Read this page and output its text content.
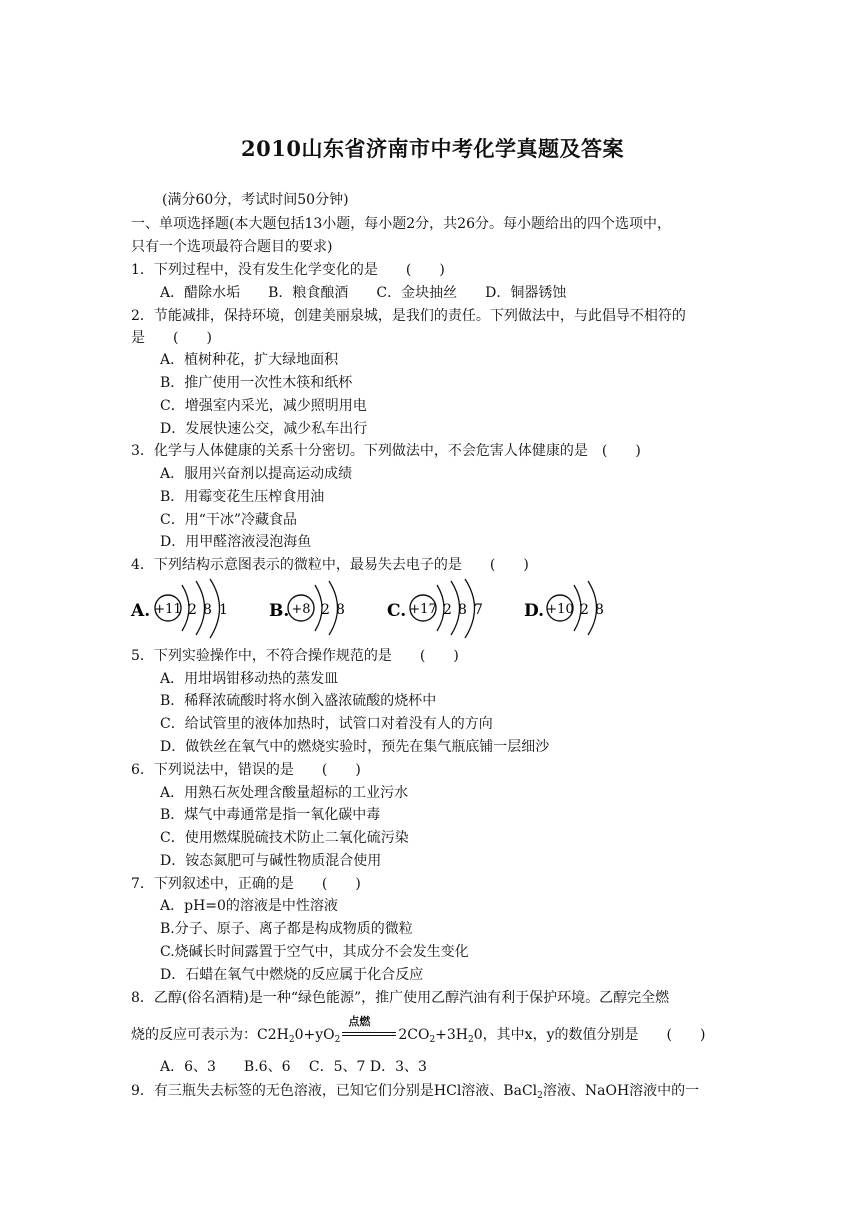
2010山东省济南市中考化学真题及答案
(满分60分，考试时间50分钟)
一、单项选择题(本大题包括13小题，每小题2分，共26分。每小题给出的四个选项中，
只有一个选项最符合题目的要求)
1．下列过程中，没有发生化学变化的是　　(　　)
A．醋除水垢　　B．粮食酿酒　　C．金块抽丝　　D．铜器锈蚀
2．节能减排，保持环境，创建美丽泉城，是我们的责任。下列做法中，与此倡导不相符的
是　　(　　)
A．植树种花，扩大绿地面积
B．推广使用一次性木筷和纸杯
C．增强室内采光，减少照明用电
D．发展快速公交，减少私车出行
3．化学与人体健康的关系十分密切。下列做法中，不会危害人体健康的是　(　　)
A．服用兴奋剂以提高运动成绩
B．用霉变花生压榨食用油
C．用“干冰”冷藏食品
D．用甲醛溶液浸泡海鱼
4．下列结构示意图表示的微粒中，最易失去电子的是　　(　　)
A. +11 2 8 1 B. +8 2 8 C. +17 2 8 7 D. +10 2 8
5．下列实验操作中，不符合操作规范的是　　(　　)
A．用坩埚钳移动热的蒸发皿
B．稀释浓硫酸时将水倒入盛浓硫酸的烧杯中
C．给试管里的液体加热时，试管口对着没有人的方向
D．做铁丝在氧气中的燃烧实验时，预先在集气瓶底铺一层细沙
6．下列说法中，错误的是　　(　　)
A．用熟石灰处理含酸量超标的工业污水
B．煤气中毒通常是指一氧化碳中毒
C．使用燃煤脱硫技术防止二氧化硫污染
D．铵态氮肥可与碱性物质混合使用
7．下列叙述中，正确的是　　(　　)
A．pH=0的溶液是中性溶液
B.分子、原子、离子都是构成物质的微粒
C.烧碱长时间露置于空气中，其成分不会发生变化
D．石蜡在氧气中燃烧的反应属于化合反应
8．乙醇(俗名酒精)是一种“绿色能源”，推广使用乙醇汽油有利于保护环境。乙醇完全燃
烧的反应可表示为：$C2H_20+yO_2$
点燃
$2CO_2+3H_20$，其中x，y的数值分别是　　(　　)
A．6、3　　B.6、6　 C．5、7 D．3、3
9．有三瓶失去标签的无色溶液，已知它们分别是HCl溶液、BaCl$_2$溶液、NaOH溶液中的一
